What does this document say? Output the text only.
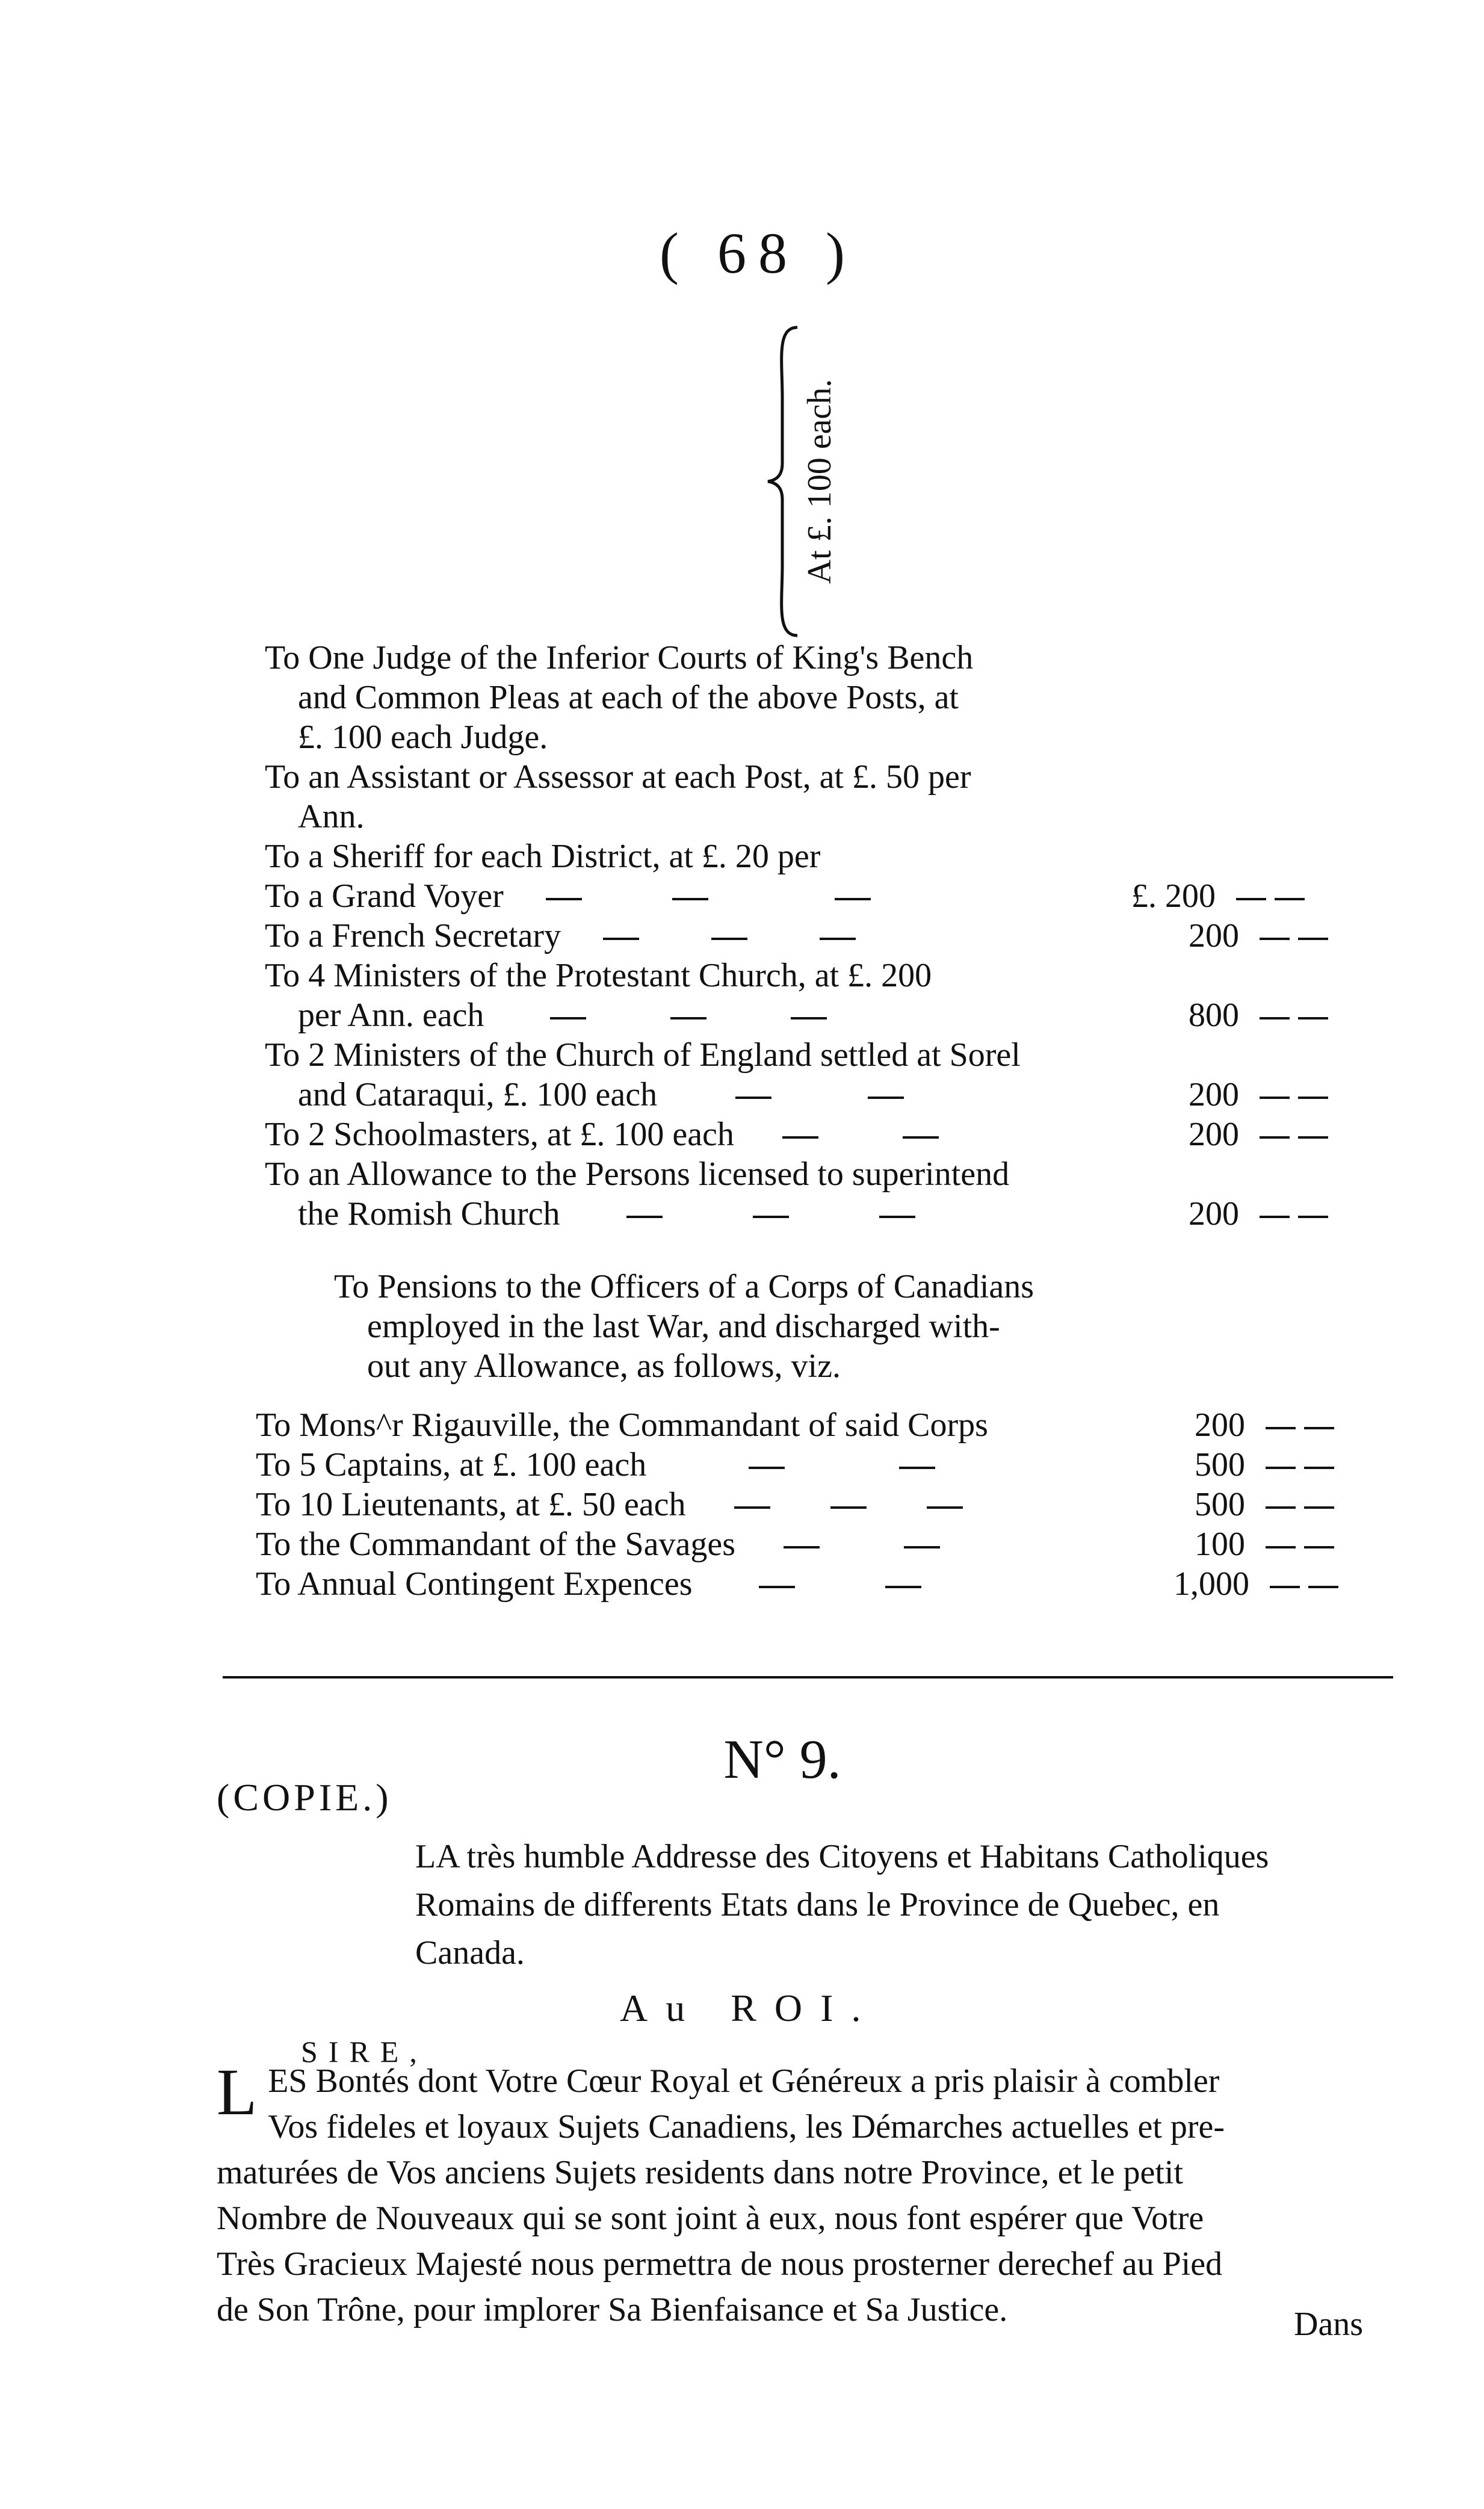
( 68 )
At £. 100 each.
To One Judge of the Inferior Courts of King's Bench
and Common Pleas at each of the above Posts, at
£. 100 each Judge.
To an Assistant or Assessor at each Post, at £. 50 per
Ann.
To a Sheriff for each District, at £. 20 per
To a Grand Voyer	£. 200
To a French Secretary	200
To 4 Ministers of the Protestant Church, at £. 200
per Ann. each	800
To 2 Ministers of the Church of England settled at Sorel
and Cataraqui, £. 100 each	200
To 2 Schoolmasters, at £. 100 each	200
To an Allowance to the Persons licensed to superintend
the Romish Church	200
To Pensions to the Officers of a Corps of Canadians
employed in the last War, and discharged with-
out any Allowance, as follows, viz.
To Mons^r Rigauville, the Commandant of said Corps	200
To 5 Captains, at £. 100 each	500
To 10 Lieutenants, at £. 50 each	500
To the Commandant of the Savages	100
To Annual Contingent Expences	1,000
N° 9.
(COPIE.)
LA très humble Addresse des Citoyens et Habitans Catholiques
Romains de differents Etats dans le Province de Quebec, en
Canada.
Au ROI.
SIRE,
L ES Bontés dont Votre Cœur Royal et Généreux a pris plaisir à combler
Vos fideles et loyaux Sujets Canadiens, les Démarches actuelles et pre-
maturées de Vos anciens Sujets residents dans notre Province, et le petit
Nombre de Nouveaux qui se sont joint à eux, nous font espérer que Votre
Très Gracieux Majesté nous permettra de nous prosterner derechef au Pied
de Son Trône, pour implorer Sa Bienfaisance et Sa Justice.	Dans
